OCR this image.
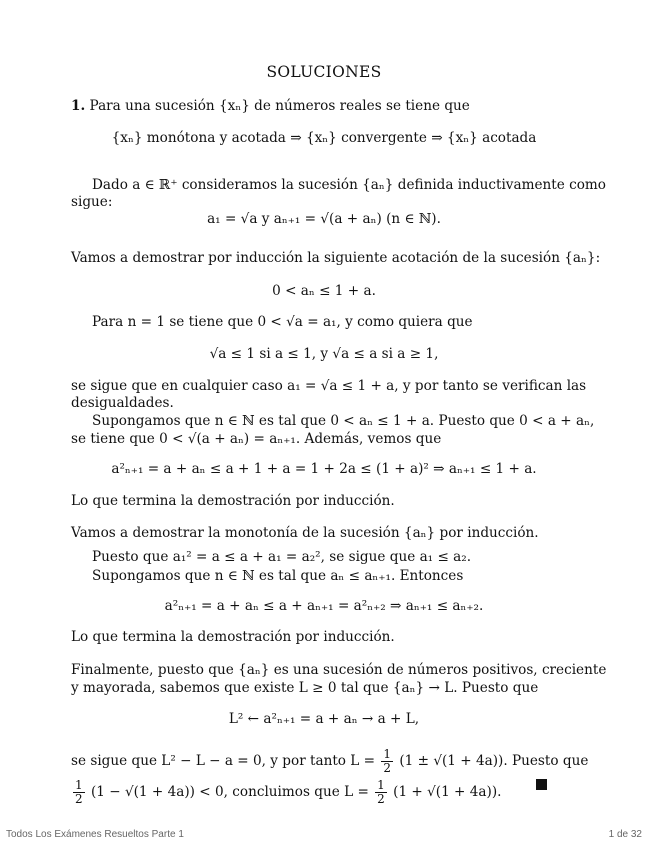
SOLUCIONES
1. Para una sucesión {xₙ} de números reales se tiene que
{xₙ} monótona y acotada ⇒ {xₙ} convergente ⇒ {xₙ} acotada
Dado a ∈ ℝ⁺ consideramos la sucesión {aₙ} definida inductivamente como
sigue:
a₁ = √a y aₙ₊₁ = √(a + aₙ) (n ∈ ℕ).
Vamos a demostrar por inducción la siguiente acotación de la sucesión {aₙ}:
0 < aₙ ≤ 1 + a.
Para n = 1 se tiene que 0 < √a = a₁, y como quiera que
√a ≤ 1 si a ≤ 1, y √a ≤ a si a ≥ 1,
se sigue que en cualquier caso a₁ = √a ≤ 1 + a, y por tanto se verifican las
desigualdades.
Supongamos que n ∈ ℕ es tal que 0 < aₙ ≤ 1 + a. Puesto que 0 < a + aₙ,
se tiene que 0 < √(a + aₙ) = aₙ₊₁. Además, vemos que
a²ₙ₊₁ = a + aₙ ≤ a + 1 + a = 1 + 2a ≤ (1 + a)² ⇒ aₙ₊₁ ≤ 1 + a.
Lo que termina la demostración por inducción.
Vamos a demostrar la monotonía de la sucesión {aₙ} por inducción.
Puesto que a₁² = a ≤ a + a₁ = a₂², se sigue que a₁ ≤ a₂.
Supongamos que n ∈ ℕ es tal que aₙ ≤ aₙ₊₁. Entonces
a²ₙ₊₁ = a + aₙ ≤ a + aₙ₊₁ = a²ₙ₊₂ ⇒ aₙ₊₁ ≤ aₙ₊₂.
Lo que termina la demostración por inducción.
Finalmente, puesto que {aₙ} es una sucesión de números positivos, creciente
y mayorada, sabemos que existe L ≥ 0 tal que {aₙ} → L. Puesto que
L² ← a²ₙ₊₁ = a + aₙ → a + L,
se sigue que L² − L − a = 0, y por tanto $L = \frac{1}{2} (1 \pm √(1 + 4a))$. Puesto que
$\frac{1}{2} (1 - √(1 + 4a)) < 0$, concluimos que $L = \frac{1}{2} (1 + √(1 + 4a))$.
Todos Los Exámenes Resueltos Parte 1	1 de 32
